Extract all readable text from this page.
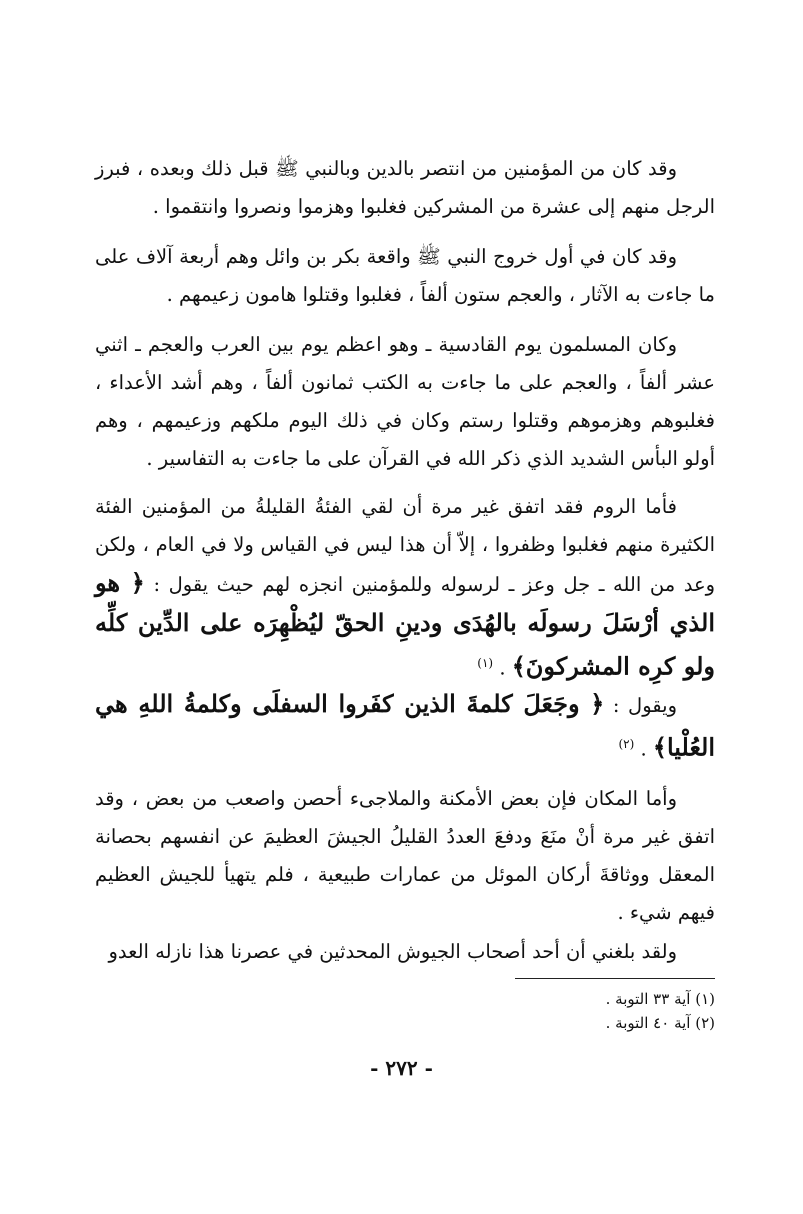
وقد كان من المؤمنين من انتصر بالدين وبالنبي ﷺ قبل ذلك وبعده ، فبرز الرجل منهم إلى عشرة من المشركين فغلبوا وهزموا ونصروا وانتقموا .
وقد كان في أول خروج النبي ﷺ واقعة بكر بن وائل وهم أربعة آلاف على ما جاءت به الآثار ، والعجم ستون ألفاً ، فغلبوا وقتلوا هامون زعيمهم .
وكان المسلمون يوم القادسية ـ وهو اعظم يوم بين العرب والعجم ـ اثني عشر ألفاً ، والعجم على ما جاءت به الكتب ثمانون ألفاً ، وهم أشد الأعداء ، فغلبوهم وهزموهم وقتلوا رستم وكان في ذلك اليوم ملكهم وزعيمهم ، وهم أولو البأس الشديد الذي ذكر الله في القرآن على ما جاءت به التفاسير .
فأما الروم فقد اتفق غير مرة أن لقي الفئةُ القليلةُ من المؤمنين الفئة الكثيرة منهم فغلبوا وظفروا ، إلاّ أن هذا ليس في القياس ولا في العام ، ولكن وعد من الله ـ جل وعز ـ لرسوله وللمؤمنين انجزه لهم حيث يقول : ﴿ هو الذي أرْسَلَ رسولَه بالهُدَى ودينِ الحقّ ليُظْهِرَه على الدِّين كلِّه ولو كرِه المشركونَ﴾ . $^{(١)}$
ويقول : ﴿ وجَعَلَ كلمةَ الذين كفَروا السفلَى وكلمةُ اللهِ هي العُلْيا﴾ . $^{(٢)}$
وأما المكان فإن بعض الأمكنة والملاجىء أحصن واصعب من بعض ، وقد اتفق غير مرة أنْ منَعَ ودفعَ العددُ القليلُ الجيشَ العظيمَ عن انفسهم بحصانة المعقل ووثاقةَ أركان الموئل من عمارات طبيعية ، فلم يتهيأ للجيش العظيم فيهم شيء .
ولقد بلغني أن أحد أصحاب الجيوش المحدثين في عصرنا هذا نازله العدو
(١) آية ٣٣ التوبة .
(٢) آية ٤٠ التوبة .
- ٢٧٢ -
